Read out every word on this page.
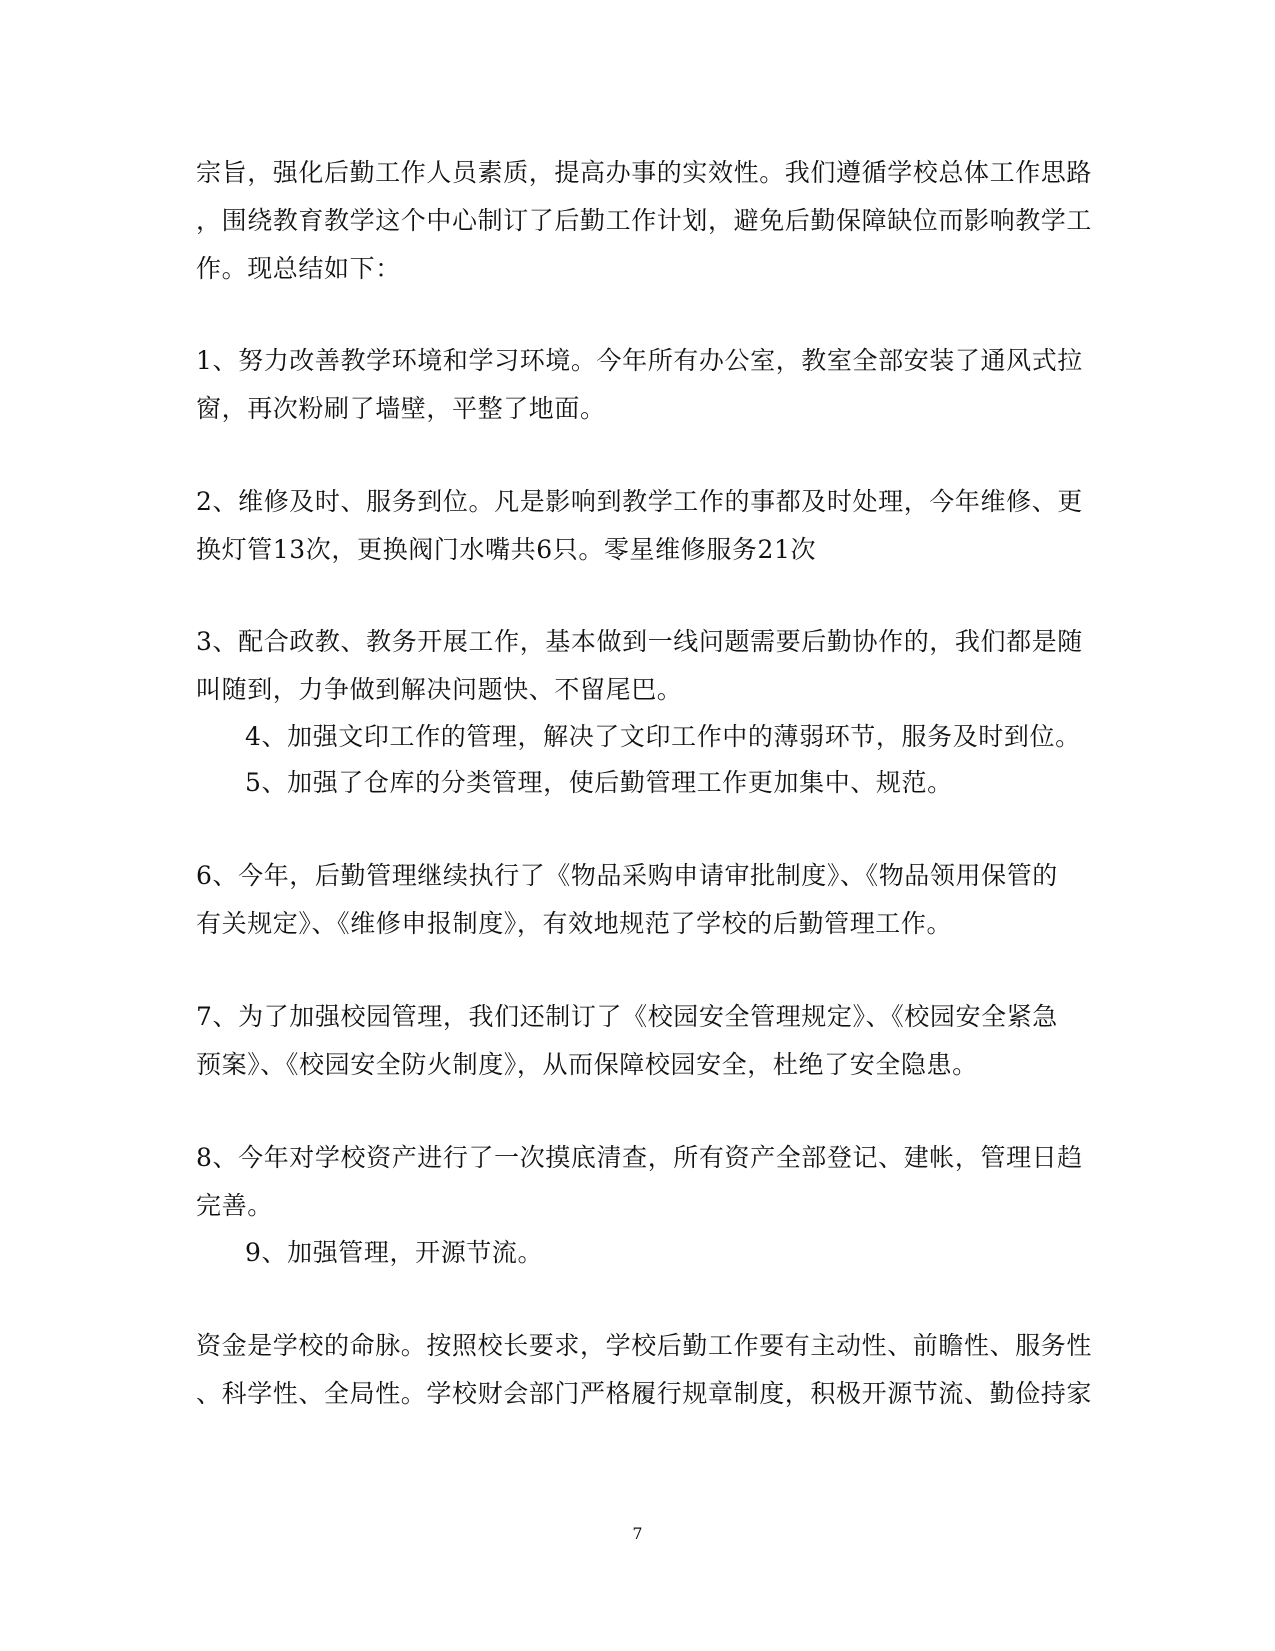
宗旨，强化后勤工作人员素质，提高办事的实效性。我们遵循学校总体工作思路
，围绕教育教学这个中心制订了后勤工作计划，避免后勤保障缺位而影响教学工
作。现总结如下：
1、努力改善教学环境和学习环境。今年所有办公室，教室全部安装了通风式拉
窗，再次粉刷了墙壁，平整了地面。
2、维修及时、服务到位。凡是影响到教学工作的事都及时处理，今年维修、更
换灯管13次，更换阀门水嘴共6只。零星维修服务21次
3、配合政教、教务开展工作，基本做到一线问题需要后勤协作的，我们都是随
叫随到，力争做到解决问题快、不留尾巴。
4、加强文印工作的管理，解决了文印工作中的薄弱环节，服务及时到位。
5、加强了仓库的分类管理，使后勤管理工作更加集中、规范。
6、今年，后勤管理继续执行了《物品采购申请审批制度》、《物品领用保管的
有关规定》、《维修申报制度》，有效地规范了学校的后勤管理工作。
7、为了加强校园管理，我们还制订了《校园安全管理规定》、《校园安全紧急
预案》、《校园安全防火制度》，从而保障校园安全，杜绝了安全隐患。
8、今年对学校资产进行了一次摸底清查，所有资产全部登记、建帐，管理日趋
完善。
9、加强管理，开源节流。
资金是学校的命脉。按照校长要求，学校后勤工作要有主动性、前瞻性、服务性
、科学性、全局性。学校财会部门严格履行规章制度，积极开源节流、勤俭持家
7
